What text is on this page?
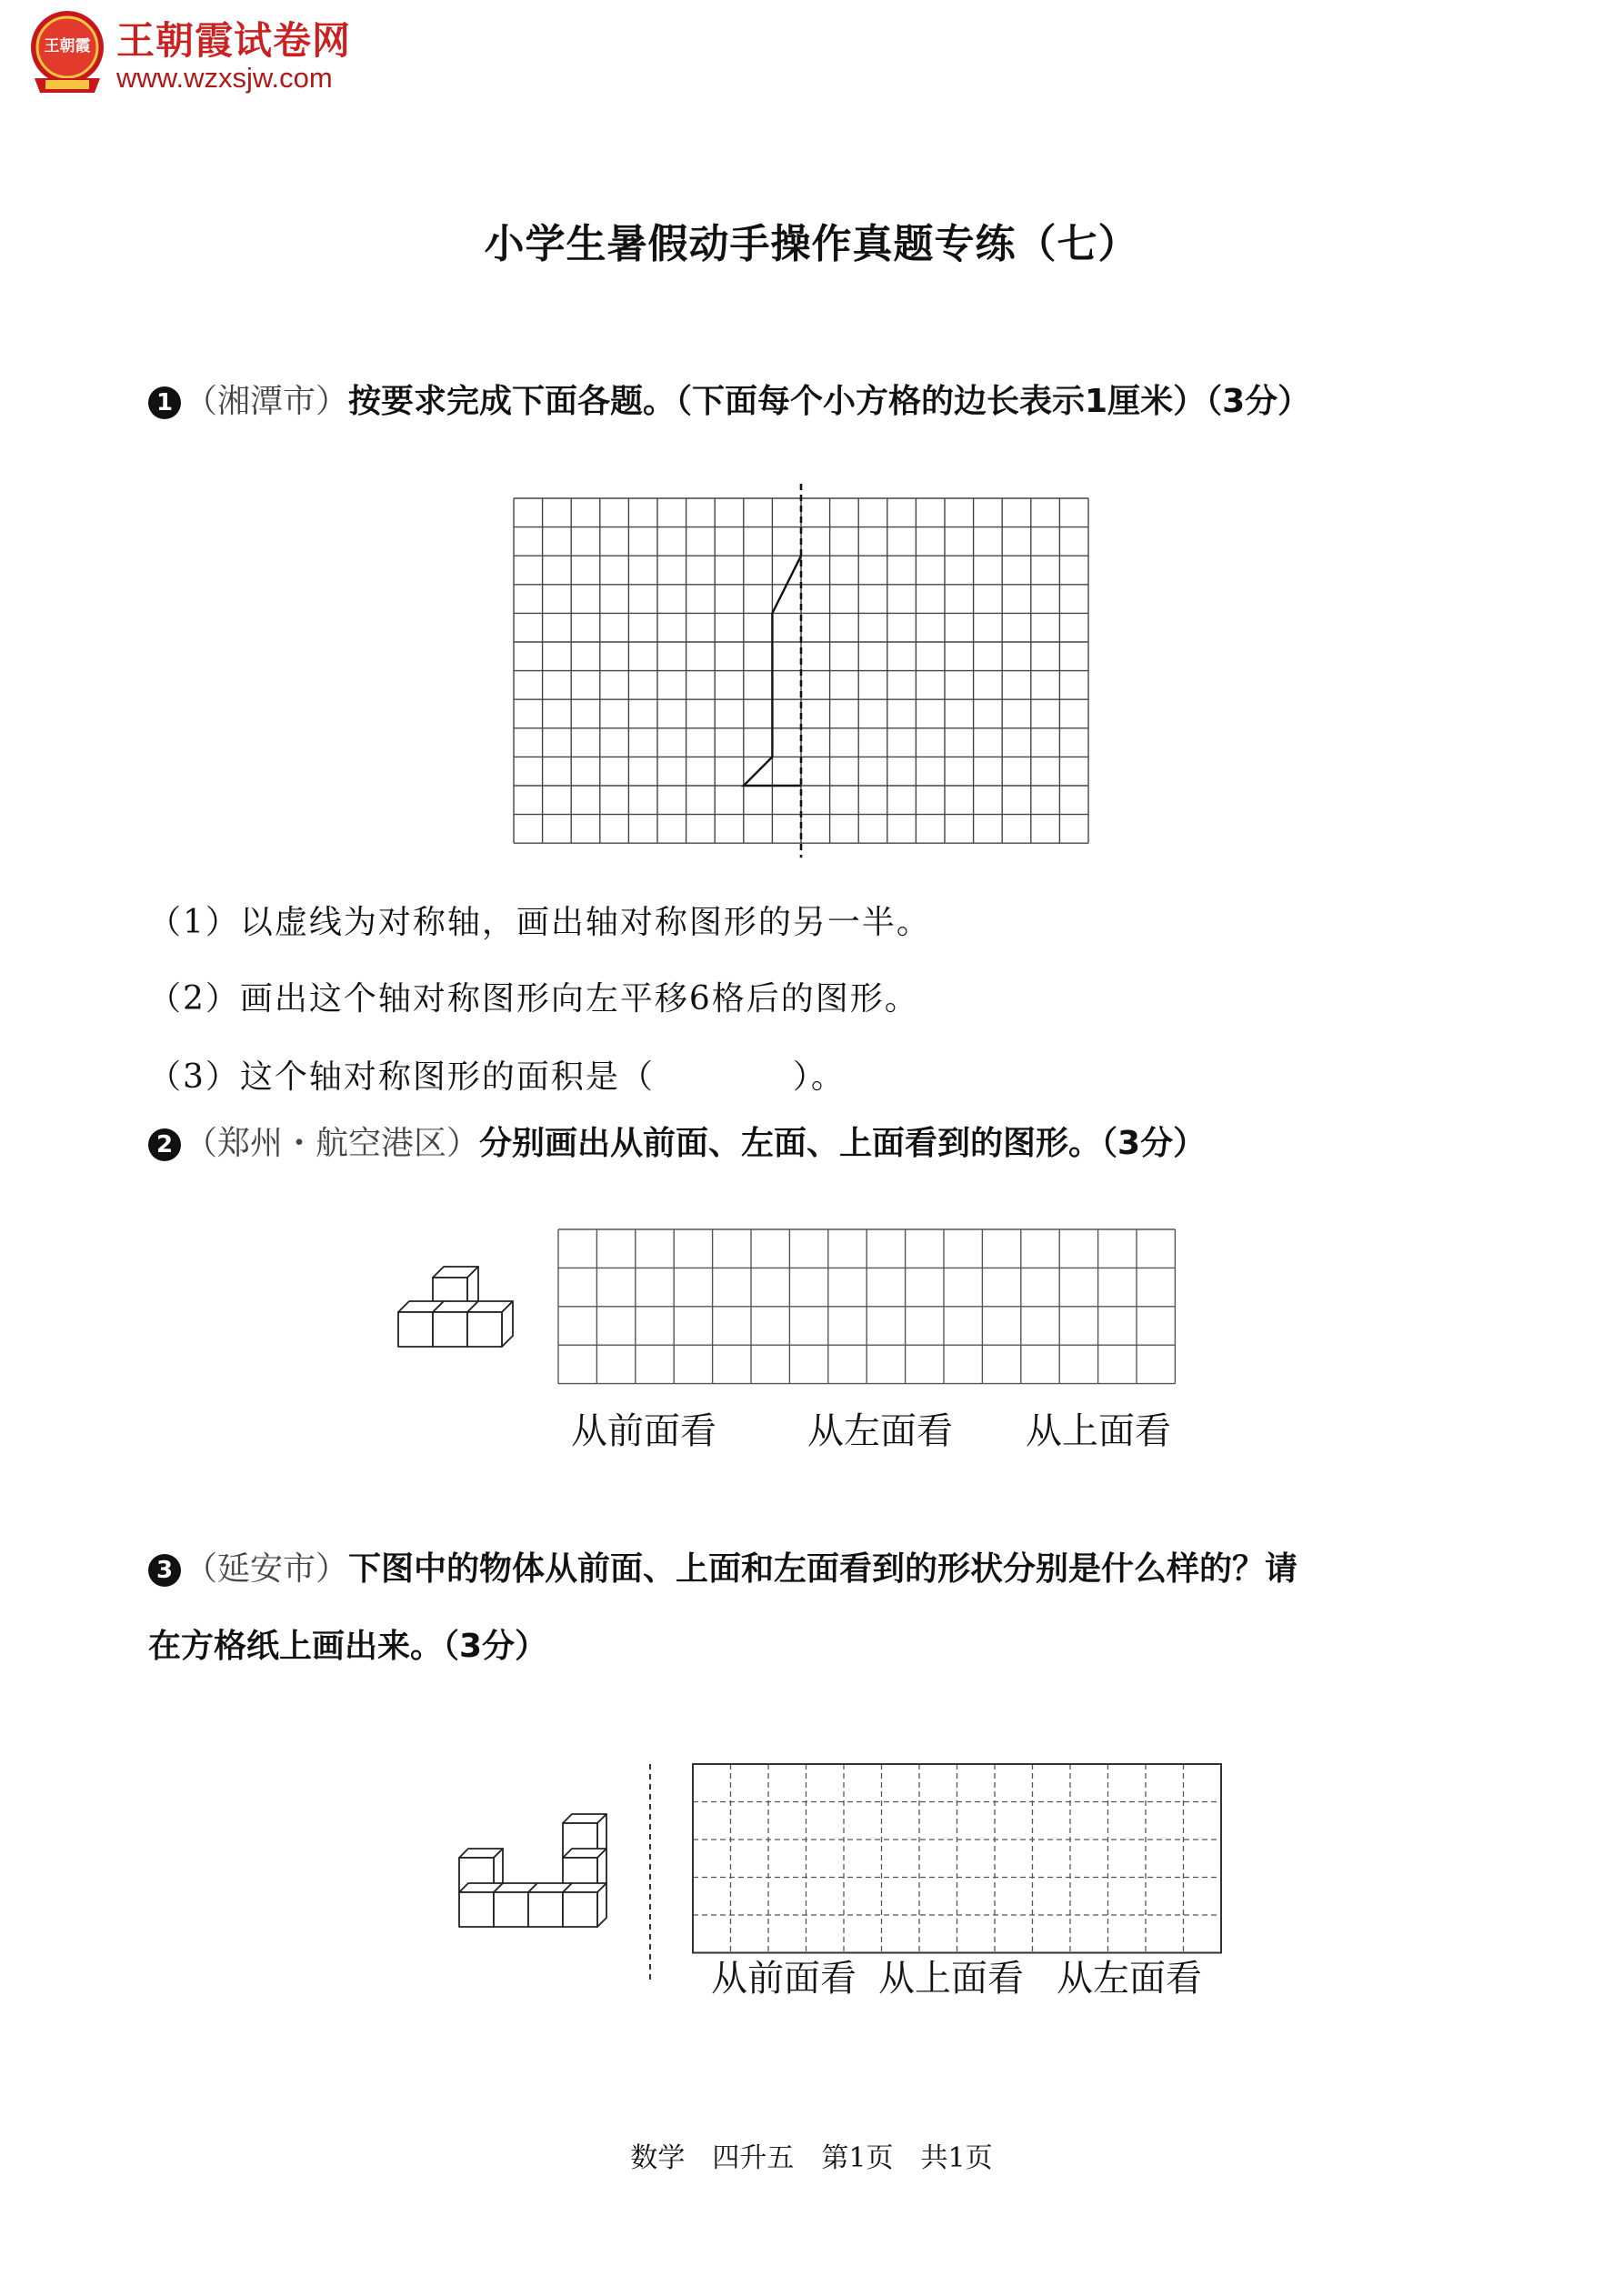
王朝霞 王朝霞试卷网
www.wzxsjw.com
小学生暑假动手操作真题专练（七）
1 （湘潭市）按要求完成下面各题。（下面每个小方格的边长表示1厘米）（3分）
（1）以虚线为对称轴，画出轴对称图形的另一半。
（2）画出这个轴对称图形向左平移6格后的图形。
（3）这个轴对称图形的面积是（　　　　）。
2 （郑州・航空港区）分别画出从前面、左面、上面看到的图形。（3分）
从前面看	从左面看 从上面看
3 （延安市）下图中的物体从前面、上面和左面看到的形状分别是什么样的？请
在方格纸上画出来。（3分）
从前面看 从上面看 从左面看
数学　四升五　第1页　共1页
